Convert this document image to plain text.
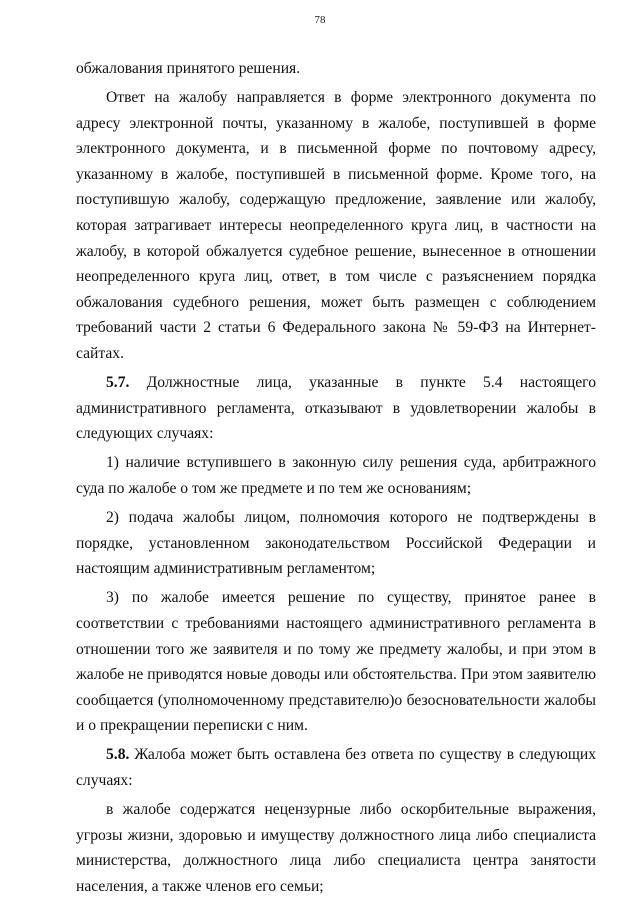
78

обжалования принятого решения.

Ответ на жалобу направляется в форме электронного документа по адресу электронной почты, указанному в жалобе, поступившей в форме электронного документа, и в письменной форме по почтовому адресу, указанному в жалобе, поступившей в письменной форме. Кроме того, на поступившую жалобу, содержащую предложение, заявление или жалобу, которая затрагивает интересы неопределенного круга лиц, в частности на жалобу, в которой обжалуется судебное решение, вынесенное в отношении неопределенного круга лиц, ответ, в том числе с разъяснением порядка обжалования судебного решения, может быть размещен с соблюдением требований части 2 статьи 6 Федерального закона № 59-ФЗ на Интернет-сайтах.

5.7. Должностные лица, указанные в пункте 5.4 настоящего административного регламента, отказывают в удовлетворении жалобы в следующих случаях:

1) наличие вступившего в законную силу решения суда, арбитражного суда по жалобе о том же предмете и по тем же основаниям;

2) подача жалобы лицом, полномочия которого не подтверждены в порядке, установленном законодательством Российской Федерации и настоящим административным регламентом;

3) по жалобе имеется решение по существу, принятое ранее в соответствии с требованиями настоящего административного регламента в отношении того же заявителя и по тому же предмету жалобы, и при этом в жалобе не приводятся новые доводы или обстоятельства. При этом заявителю сообщается (уполномоченному представителю)о безосновательности жалобы и о прекращении переписки с ним.

5.8. Жалоба может быть оставлена без ответа по существу в следующих случаях:

в жалобе содержатся нецензурные либо оскорбительные выражения, угрозы жизни, здоровью и имуществу должностного лица либо специалиста министерства, должностного лица либо специалиста центра занятости населения, а также членов его семьи;
